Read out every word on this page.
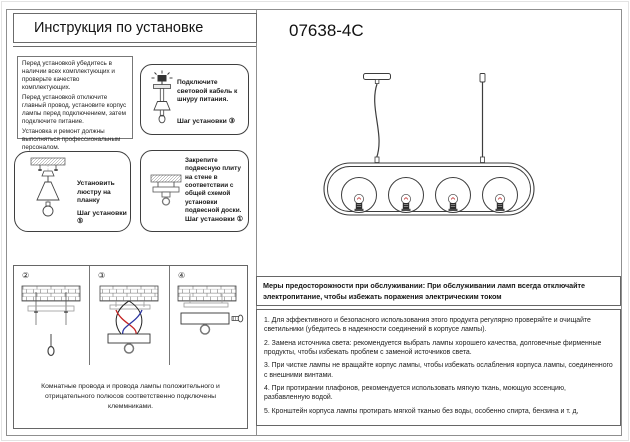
Инструкция по установке	07638-4C

Перед установкой убедитесь в наличии всех комплектующих и проверьте качество комплектующих.

Перед установкой отключите главный провод, установите корпус лампы перед подключением, затем подключите питание.

Установка и ремонт должны выполняться профессиональным персоналом.

Подключите световой кабель к шнуру питания.
Шаг установки ③
Установить люстру на планку
Шаг установки ⑤
Закрепите подвесную плиту на стене в соответствии с общей схемой установки подвесной доски.
Шаг установки ①
②	③	④
Комнатные провода и провода лампы положительного и отрицательного полюсов соответственно подключены клеммниками.
Меры предосторожности при обслуживании: При обслуживании ламп всегда отключайте электропитание, чтобы избежать поражения электрическим током

1. Для эффективного и безопасного использования этого продукта регулярно проверяйте и очищайте светильники (убедитесь в надежности соединений в корпусе лампы).

2. Замена источника света: рекомендуется выбрать лампы хорошего качества, долговечные фирменные продукты, чтобы избежать проблем с заменой источников света.

3. При чистке лампы не вращайте корпус лампы, чтобы избежать ослабления корпуса лампы, соединенного с внешними винтами.

4. При протирании плафонов, рекомендуется использовать мягкую ткань, моющую эссенцию, разбавленную водой.

5. Кронштейн корпуса лампы протирать мягкой тканью без воды, особенно спирта, бензина и т. д,
